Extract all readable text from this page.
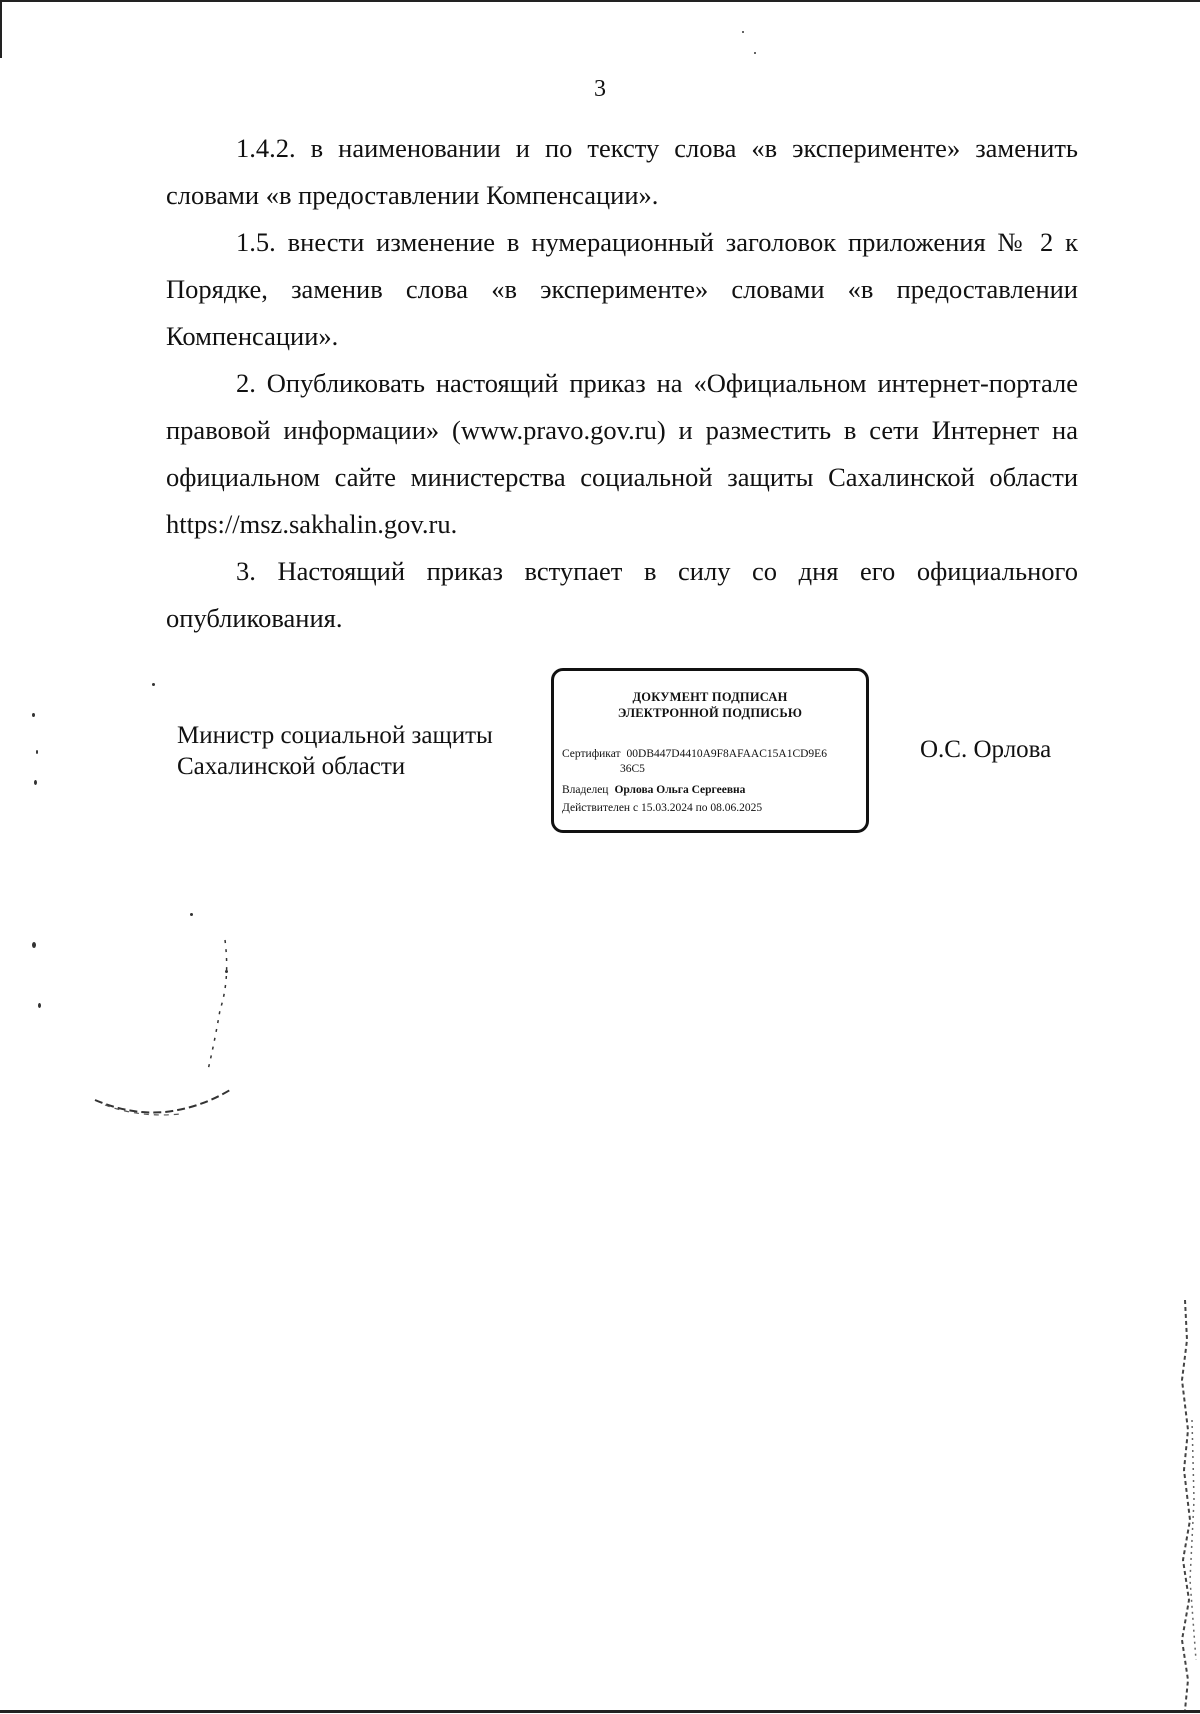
3

1.4.2. в наименовании и по тексту слова «в эксперименте» заменить словами «в предоставлении Компенсации».

1.5. внести изменение в нумерационный заголовок приложения № 2 к Порядке, заменив слова «в эксперименте» словами «в предоставлении Компенсации».

2. Опубликовать настоящий приказ на «Официальном интернет-портале правовой информации» (www.pravo.gov.ru) и разместить в сети Интернет на официальном сайте министерства социальной защиты Сахалинской области https://msz.sakhalin.gov.ru.

3. Настоящий приказ вступает в силу со дня его официального опубликования.

Министр социальной защиты
Сахалинской области
ДОКУМЕНТ ПОДПИСАН
ЭЛЕКТРОННОЙ ПОДПИСЬЮ
Сертификат 00DB447D4410A9F8AFAAC15A1CD9E6
36C5
Владелец Орлова Ольга Сергеевна
Действителен с 15.03.2024 по 08.06.2025
О.С. Орлова
